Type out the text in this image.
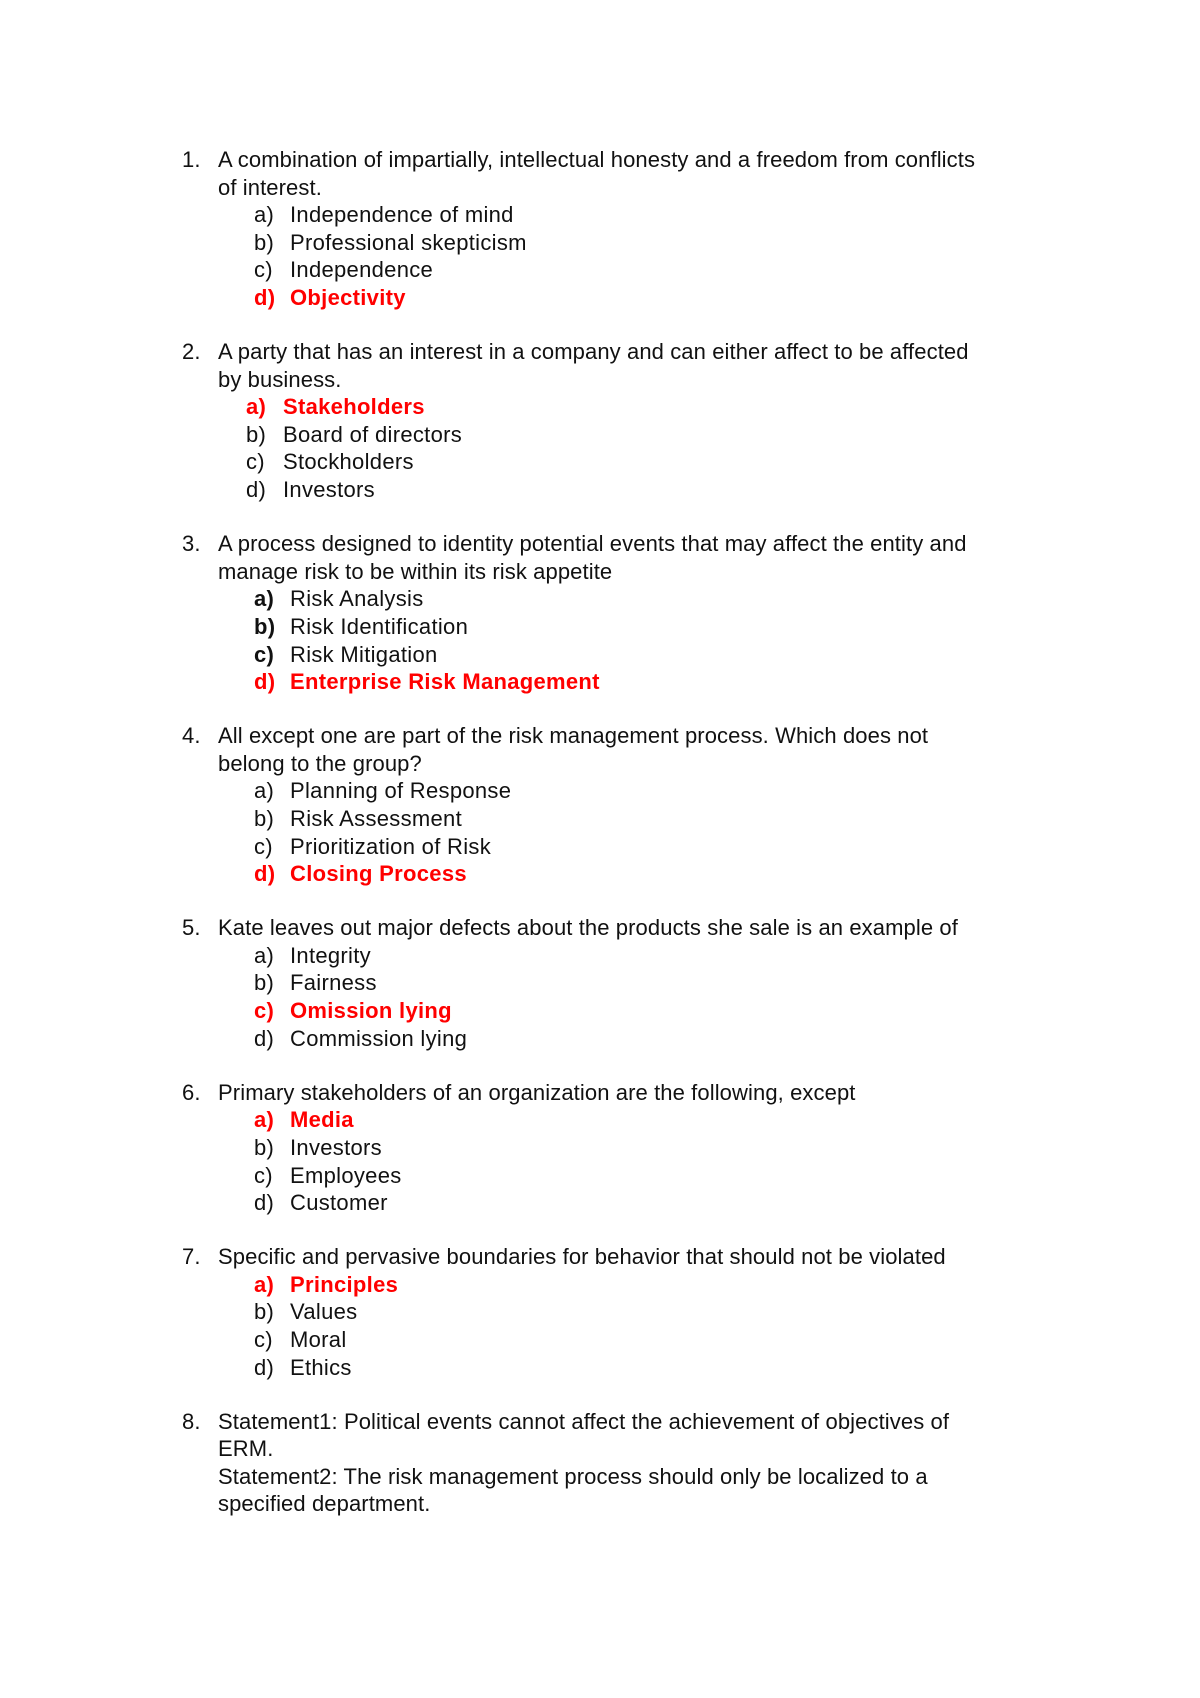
1. A combination of impartially, intellectual honesty and a freedom from conflicts
of interest.
a) Independence of mind
b) Professional skepticism
c) Independence
d) Objectivity
2. A party that has an interest in a company and can either affect to be affected
by business.
a) Stakeholders
b) Board of directors
c) Stockholders
d) Investors
3. A process designed to identity potential events that may affect the entity and
manage risk to be within its risk appetite
a) Risk Analysis
b) Risk Identification
c) Risk Mitigation
d) Enterprise Risk Management
4. All except one are part of the risk management process. Which does not
belong to the group?
a) Planning of Response
b) Risk Assessment
c) Prioritization of Risk
d) Closing Process
5. Kate leaves out major defects about the products she sale is an example of
a) Integrity
b) Fairness
c) Omission lying
d) Commission lying
6. Primary stakeholders of an organization are the following, except
a) Media
b) Investors
c) Employees
d) Customer
7. Specific and pervasive boundaries for behavior that should not be violated
a) Principles
b) Values
c) Moral
d) Ethics
8. Statement1: Political events cannot affect the achievement of objectives of
ERM.
Statement2: The risk management process should only be localized to a
specified department.
